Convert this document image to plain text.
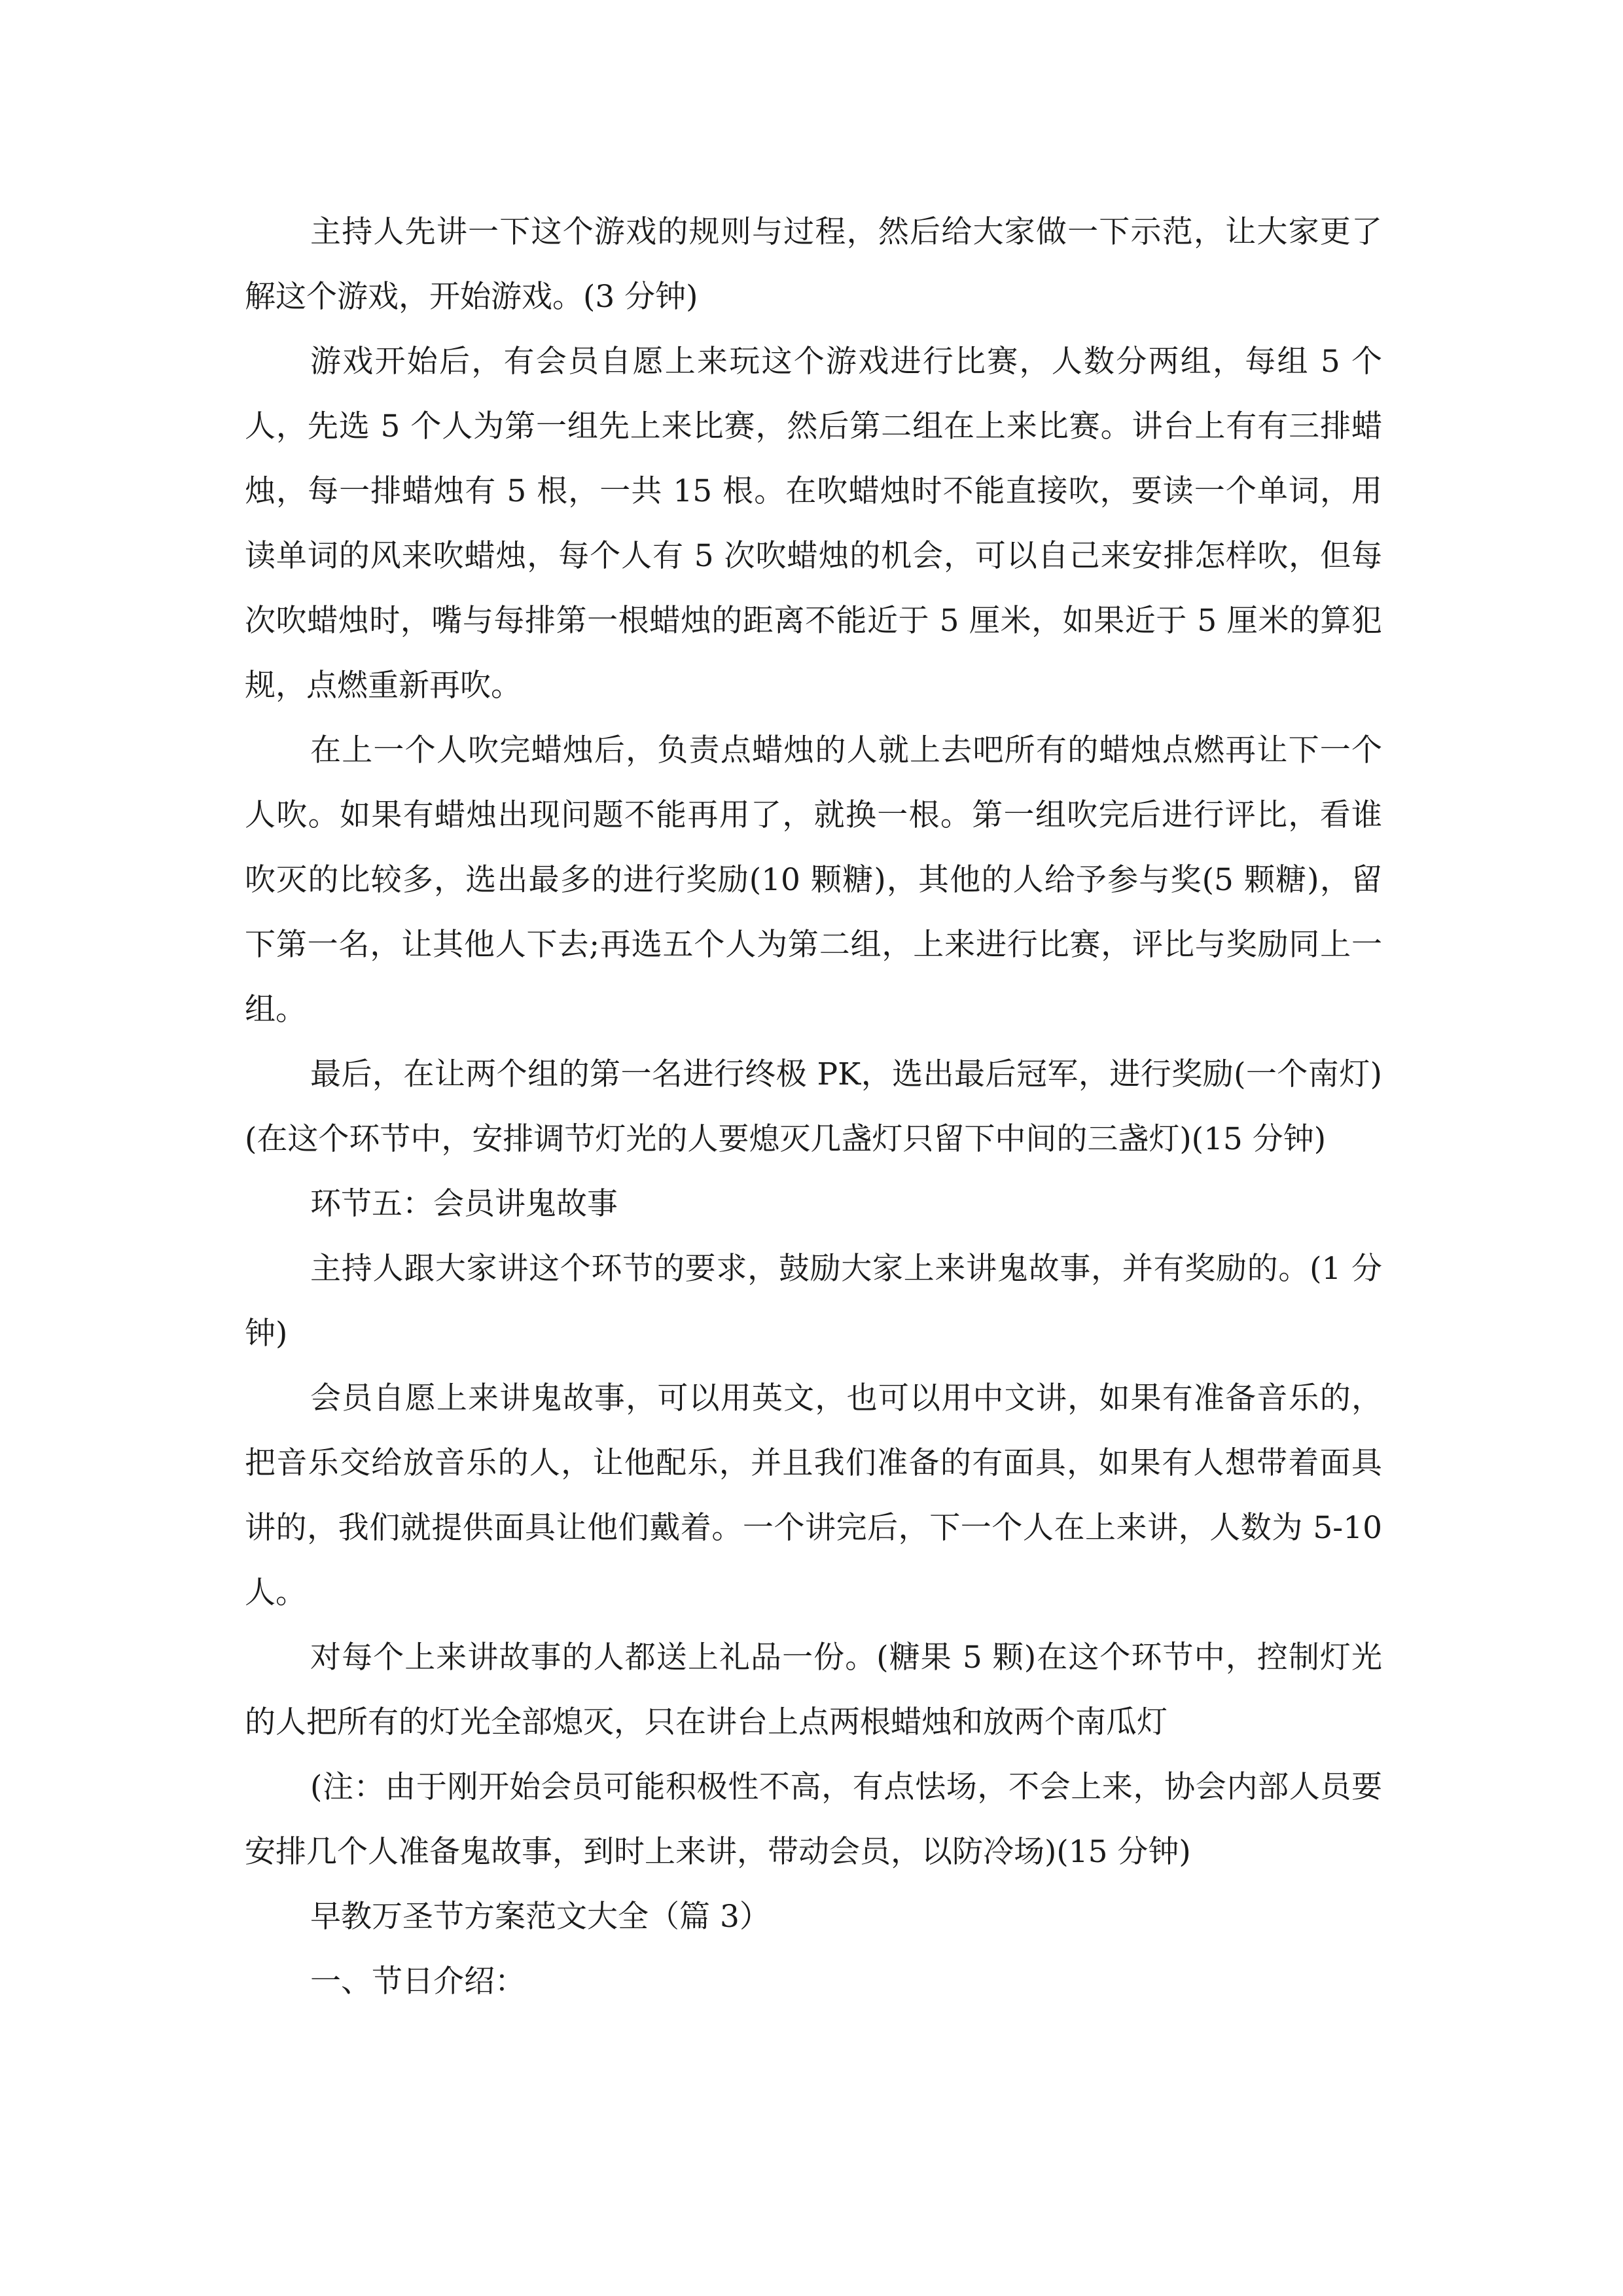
主持人先讲一下这个游戏的规则与过程，然后给大家做一下示范，让大家更了解这个游戏，开始游戏。(3 分钟)

游戏开始后，有会员自愿上来玩这个游戏进行比赛，人数分两组，每组 5 个人，先选 5 个人为第一组先上来比赛，然后第二组在上来比赛。讲台上有有三排蜡烛，每一排蜡烛有 5 根，一共 15 根。在吹蜡烛时不能直接吹，要读一个单词，用读单词的风来吹蜡烛，每个人有 5 次吹蜡烛的机会，可以自己来安排怎样吹，但每次吹蜡烛时，嘴与每排第一根蜡烛的距离不能近于 5 厘米，如果近于 5 厘米的算犯规，点燃重新再吹。

在上一个人吹完蜡烛后，负责点蜡烛的人就上去吧所有的蜡烛点燃再让下一个人吹。如果有蜡烛出现问题不能再用了，就换一根。第一组吹完后进行评比，看谁吹灭的比较多，选出最多的进行奖励(10 颗糖)，其他的人给予参与奖(5 颗糖)，留下第一名，让其他人下去;再选五个人为第二组，上来进行比赛，评比与奖励同上一组。

最后，在让两个组的第一名进行终极 PK，选出最后冠军，进行奖励(一个南灯)(在这个环节中，安排调节灯光的人要熄灭几盏灯只留下中间的三盏灯)(15 分钟)

环节五：会员讲鬼故事

主持人跟大家讲这个环节的要求，鼓励大家上来讲鬼故事，并有奖励的。(1 分钟)

会员自愿上来讲鬼故事，可以用英文，也可以用中文讲，如果有准备音乐的，把音乐交给放音乐的人，让他配乐，并且我们准备的有面具，如果有人想带着面具讲的，我们就提供面具让他们戴着。一个讲完后，下一个人在上来讲，人数为 5-10 人。

对每个上来讲故事的人都送上礼品一份。(糖果 5 颗)在这个环节中，控制灯光的人把所有的灯光全部熄灭，只在讲台上点两根蜡烛和放两个南瓜灯

(注：由于刚开始会员可能积极性不高，有点怯场，不会上来，协会内部人员要安排几个人准备鬼故事，到时上来讲，带动会员，以防冷场)(15 分钟)

早教万圣节方案范文大全（篇 3）

一、节日介绍：
